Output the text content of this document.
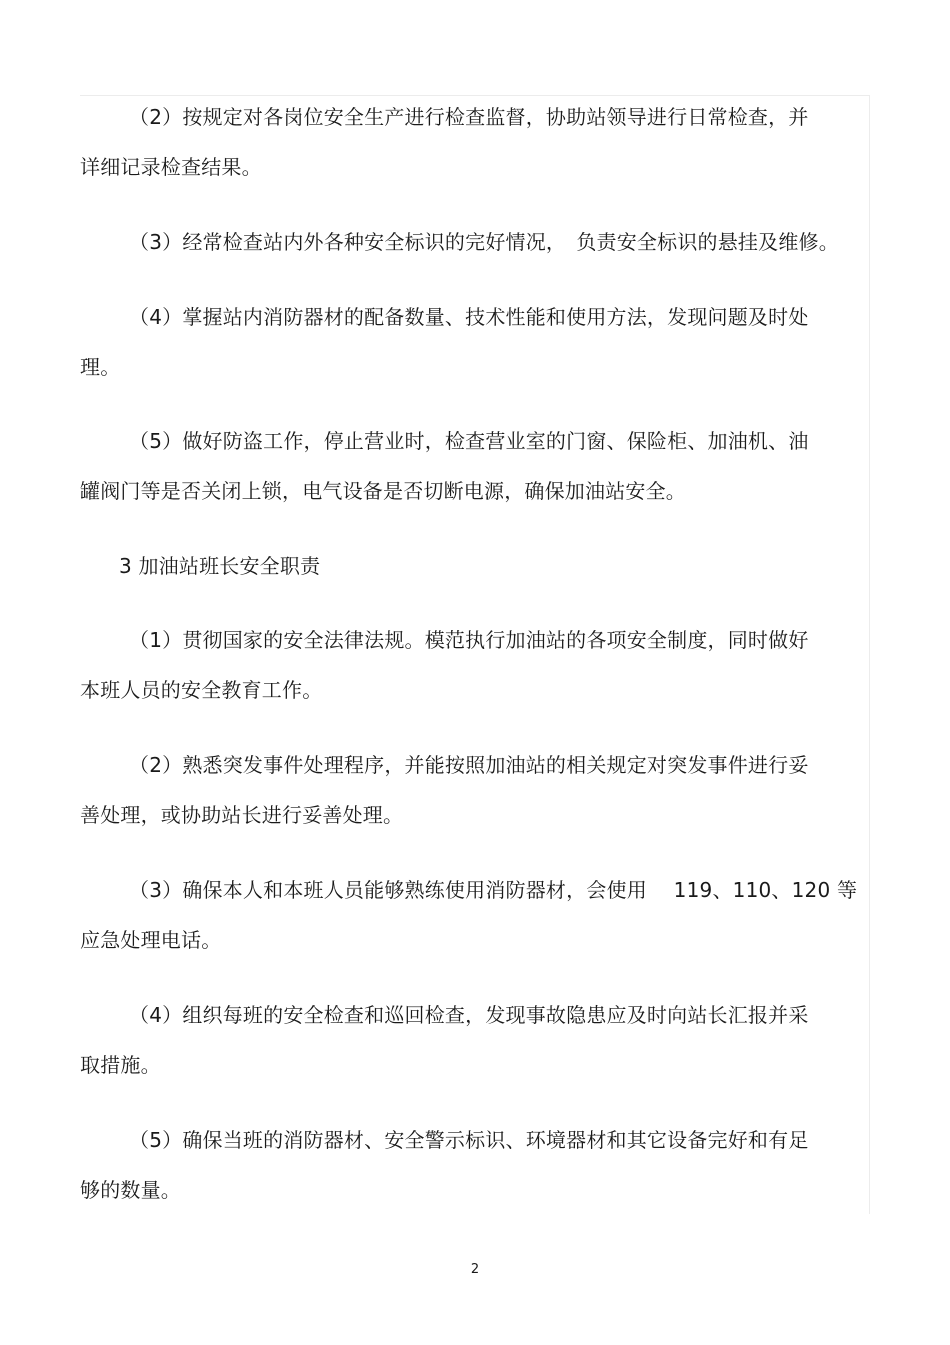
（2）按规定对各岗位安全生产进行检查监督，协助站领导进行日常检查，并
详细记录检查结果。
（3）经常检查站内外各种安全标识的完好情况，　负责安全标识的悬挂及维修。
（4）掌握站内消防器材的配备数量、技术性能和使用方法，发现问题及时处
理。
（5）做好防盗工作，停止营业时，检查营业室的门窗、保险柜、加油机、油
罐阀门等是否关闭上锁，电气设备是否切断电源，确保加油站安全。
3 加油站班长安全职责
（1）贯彻国家的安全法律法规。模范执行加油站的各项安全制度，同时做好
本班人员的安全教育工作。
（2）熟悉突发事件处理程序，并能按照加油站的相关规定对突发事件进行妥
善处理，或协助站长进行妥善处理。
（3）确保本人和本班人员能够熟练使用消防器材，会使用　 119、110、120 等
应急处理电话。
（4）组织每班的安全检查和巡回检查，发现事故隐患应及时向站长汇报并采
取措施。
（5）确保当班的消防器材、安全警示标识、环境器材和其它设备完好和有足
够的数量。
2
